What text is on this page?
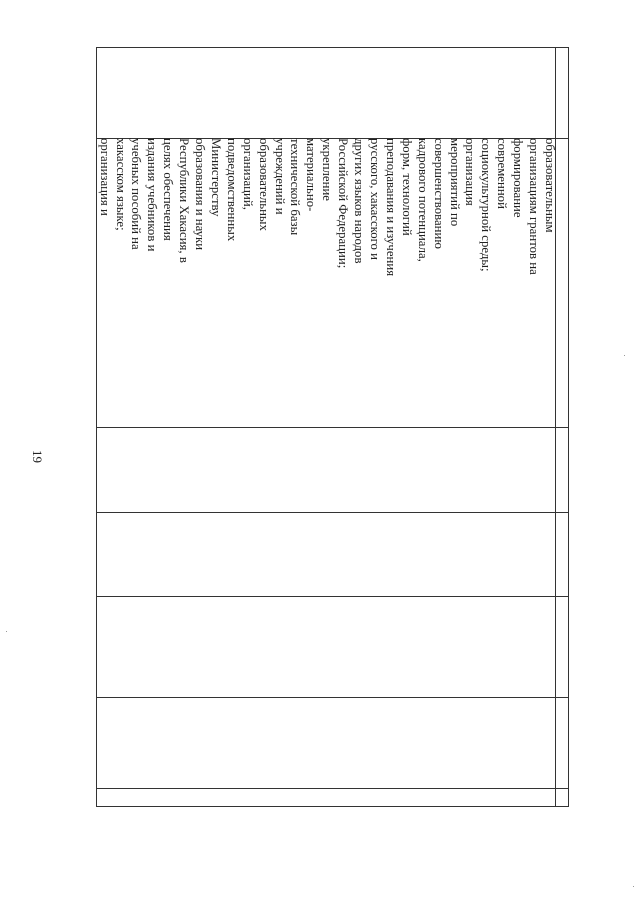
19
образовательным
организациям грантов на
формирование
современной
социокультурной среды;
организация
мероприятий по
совершенствованию
кадрового потенциала,
форм, технологий
преподавания и изучения
русского, хакасского и
других языков народов
Российской Федерации;
укрепление
материально-
технической базы
учреждений и
образовательных
организаций,
подведомственных
Министерству
образования и науки
Республики Хакасия, в
целях обеспечения
издания учебников и
учебных пособий на
хакасском языке;
организация и
